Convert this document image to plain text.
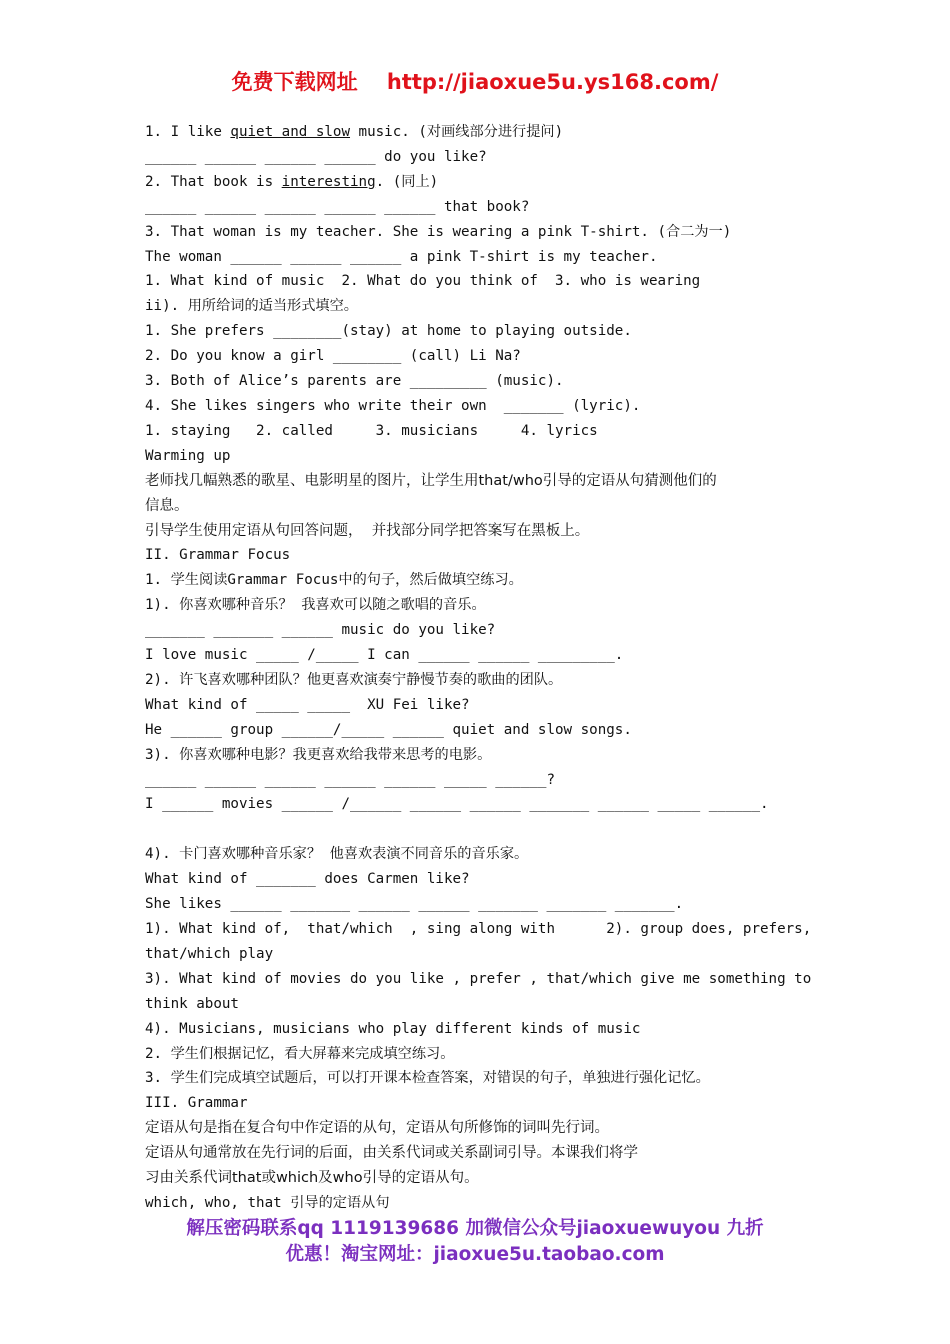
免费下载网址 http://jiaoxue5u.ys168.com/
1. I like quiet and slow music. (对画线部分进行提问)
______ ______ ______ ______ do you like?
2. That book is interesting. (同上)
______ ______ ______ ______ ______ that book?
3. That woman is my teacher. She is wearing a pink T-shirt. (合二为一)
The woman ______ ______ ______ a pink T-shirt is my teacher.
1. What kind of music  2. What do you think of  3. who is wearing
ii). 用所给词的适当形式填空。
1. She prefers ________(stay) at home to playing outside.
2. Do you know a girl ________ (call) Li Na?
3. Both of Alice’s parents are _________ (music).
4. She likes singers who write their own  _______ (lyric).
1. staying   2. called     3. musicians     4. lyrics
Warming up
老师找几幅熟悉的歌星、电影明星的图片，让学生用that/who引导的定语从句猜测他们的
信息。
引导学生使用定语从句回答问题，  并找部分同学把答案写在黑板上。
II. Grammar Focus
1. 学生阅读Grammar Focus中的句子，然后做填空练习。
1). 你喜欢哪种音乐？ 我喜欢可以随之歌唱的音乐。
_______ _______ ______ music do you like?
I love music _____ /_____ I can ______ ______ _________.
2). 许飞喜欢哪种团队？他更喜欢演奏宁静慢节奏的歌曲的团队。
What kind of _____ _____  XU Fei like?
He ______ group ______/_____ ______ quiet and slow songs.
3). 你喜欢哪种电影？我更喜欢给我带来思考的电影。
______ ______ ______ ______ ______ _____ ______?
I ______ movies ______ /______ ______ ______ _______ ______ _____ ______.
4). 卡门喜欢哪种音乐家？ 他喜欢表演不同音乐的音乐家。
What kind of _______ does Carmen like?
She likes ______ _______ ______ ______ _______ _______ _______.
1). What kind of,  that/which  , sing along with      2). group does, prefers,
that/which play
3). What kind of movies do you like , prefer , that/which give me something to
think about
4). Musicians, musicians who play different kinds of music
2. 学生们根据记忆，看大屏幕来完成填空练习。
3. 学生们完成填空试题后，可以打开课本检查答案，对错误的句子，单独进行强化记忆。
III. Grammar
定语从句是指在复合句中作定语的从句，定语从句所修饰的词叫先行词。
定语从句通常放在先行词的后面，由关系代词或关系副词引导。本课我们将学
习由关系代词that或which及who引导的定语从句。
which, who, that 引导的定语从句
解压密码联系qq 1119139686 加微信公众号jiaoxuewuyou 九折
优惠！淘宝网址：jiaoxue5u.taobao.com
